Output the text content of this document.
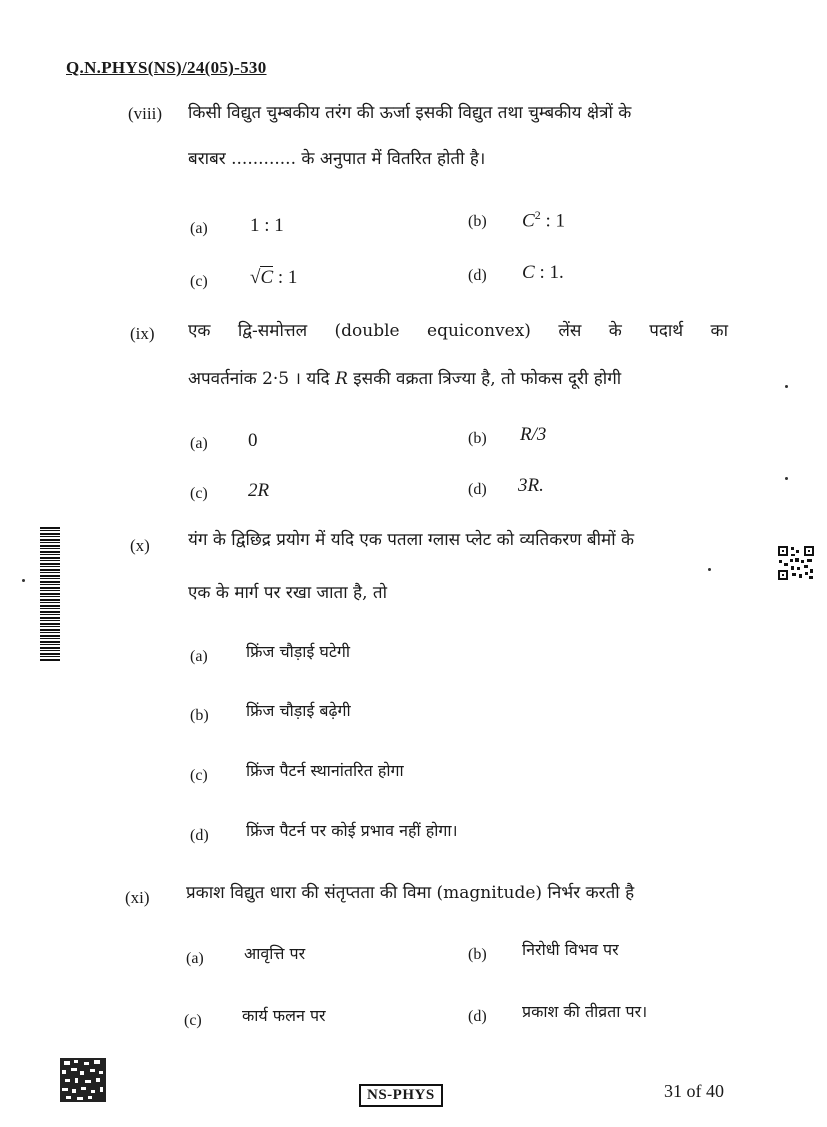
Q.N.PHYS(NS)/24(05)-530
(viii) किसी विद्युत चुम्बकीय तरंग की ऊर्जा इसकी विद्युत तथा चुम्बकीय क्षेत्रों के
बराबर ............ के अनुपात में वितरित होती है।
(a) 1 : 1	(b) $C^2$ : 1
(c) √C : 1	(d) C : 1.
(ix) एक द्वि-समोत्तल (double equiconvex) लेंस के पदार्थ का
अपवर्तनांक 2·5 । यदि R इसकी वक्रता त्रिज्या है, तो फोकस दूरी होगी
(a) 0	(b) R/3
(c) 2R	(d) 3R.
(x) यंग के द्विछिद्र प्रयोग में यदि एक पतला ग्लास प्लेट को व्यतिकरण बीमों के
एक के मार्ग पर रखा जाता है, तो
(a) फ्रिंज चौड़ाई घटेगी
(b) फ्रिंज चौड़ाई बढ़ेगी
(c) फ्रिंज पैटर्न स्थानांतरित होगा
(d) फ्रिंज पैटर्न पर कोई प्रभाव नहीं होगा।
(xi) प्रकाश विद्युत धारा की संतृप्तता की विमा (magnitude) निर्भर करती है
(a)	आवृत्ति पर	(b) निरोधी विभव पर
(c)	कार्य फलन पर	(d) प्रकाश की तीव्रता पर।
NS-PHYS	31 of 40
